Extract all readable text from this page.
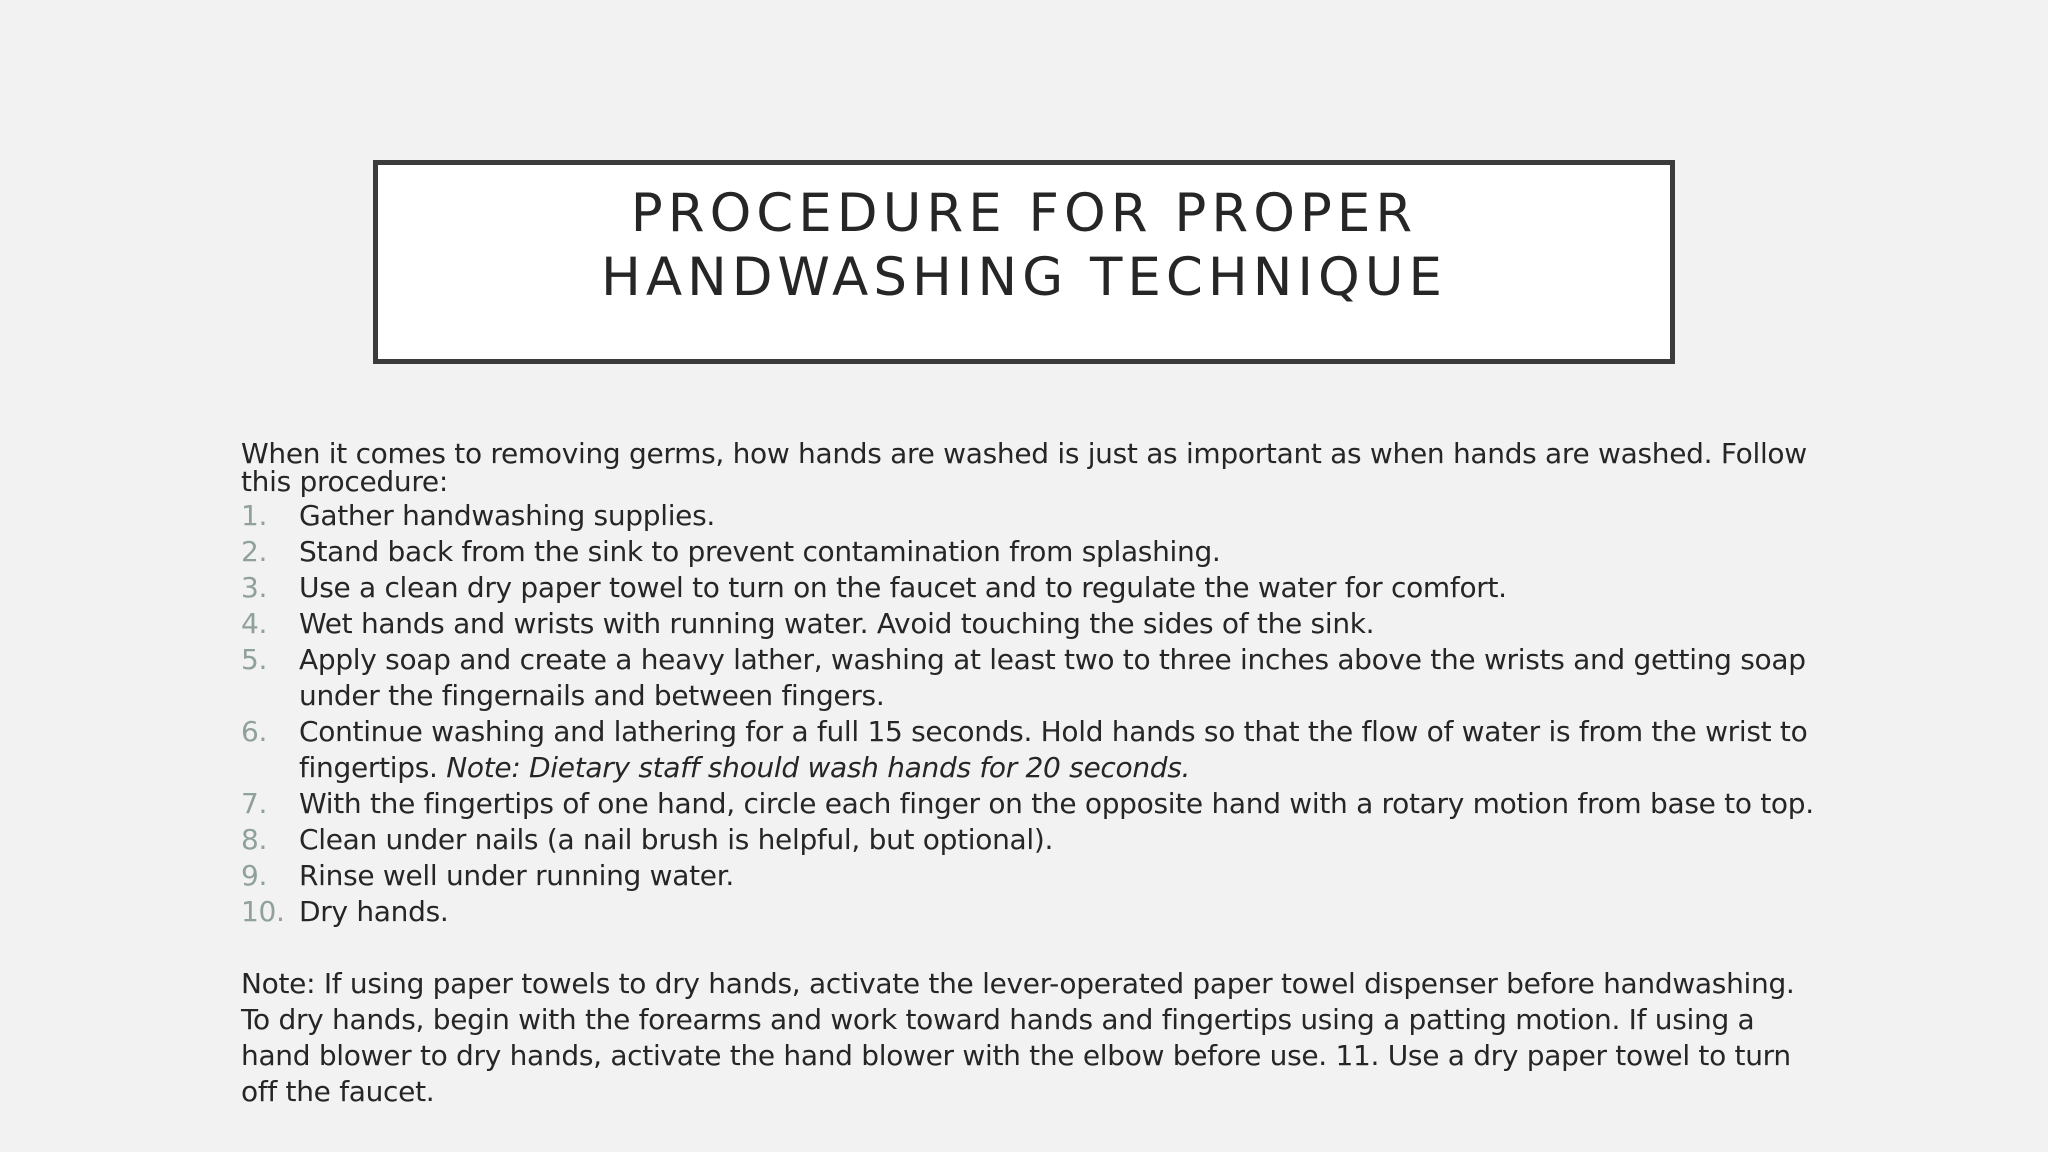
PROCEDURE FOR PROPER
HANDWASHING TECHNIQUE

When it comes to removing germs, how hands are washed is just as important as when hands are washed. Follow this procedure:

1.	Gather handwashing supplies.
2.	Stand back from the sink to prevent contamination from splashing.
3.	Use a clean dry paper towel to turn on the faucet and to regulate the water for comfort.
4.	Wet hands and wrists with running water. Avoid touching the sides of the sink.
5.	Apply soap and create a heavy lather, washing at least two to three inches above the wrists and getting soap under the fingernails and between fingers.
6.	Continue washing and lathering for a full 15 seconds. Hold hands so that the flow of water is from the wrist to fingertips. Note: Dietary staff should wash hands for 20 seconds.
7.	With the fingertips of one hand, circle each finger on the opposite hand with a rotary motion from base to top.
8.	Clean under nails (a nail brush is helpful, but optional).
9.	Rinse well under running water.
10. Dry hands.

Note: If using paper towels to dry hands, activate the lever-operated paper towel dispenser before handwashing. To dry hands, begin with the forearms and work toward hands and fingertips using a patting motion. If using a hand blower to dry hands, activate the hand blower with the elbow before use. 11. Use a dry paper towel to turn off the faucet.
